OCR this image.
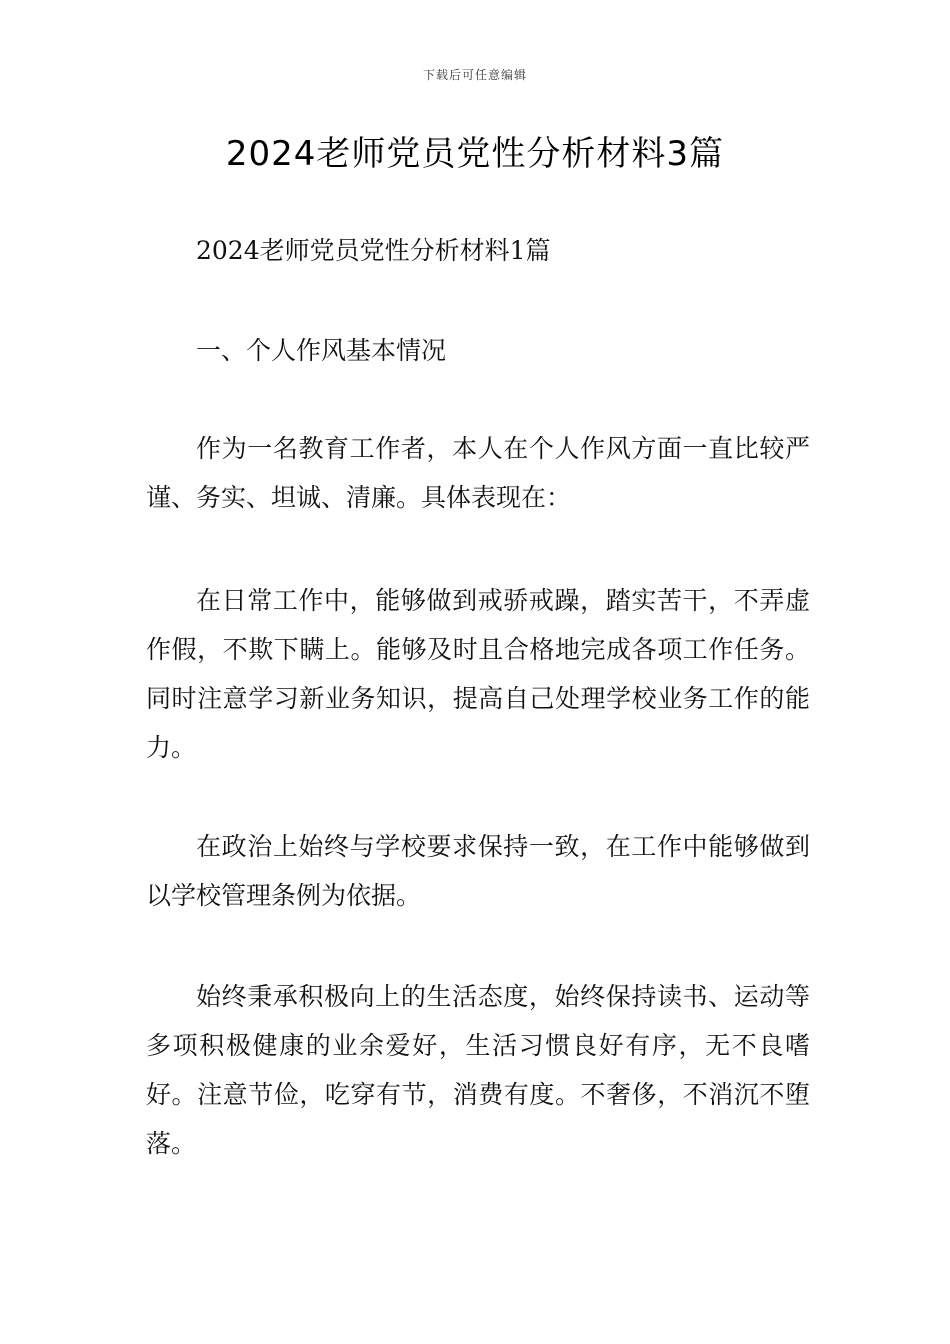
下载后可任意编辑
2024老师党员党性分析材料3篇

2024老师党员党性分析材料1篇

一、个人作风基本情况

作为一名教育工作者，本人在个人作风方面一直比较严谨、务实、坦诚、清廉。具体表现在：

在日常工作中，能够做到戒骄戒躁，踏实苦干，不弄虚作假，不欺下瞒上。能够及时且合格地完成各项工作任务。同时注意学习新业务知识，提高自己处理学校业务工作的能力。

在政治上始终与学校要求保持一致，在工作中能够做到以学校管理条例为依据。

始终秉承积极向上的生活态度，始终保持读书、运动等多项积极健康的业余爱好，生活习惯良好有序，无不良嗜好。注意节俭，吃穿有节，消费有度。不奢侈，不消沉不堕落。
